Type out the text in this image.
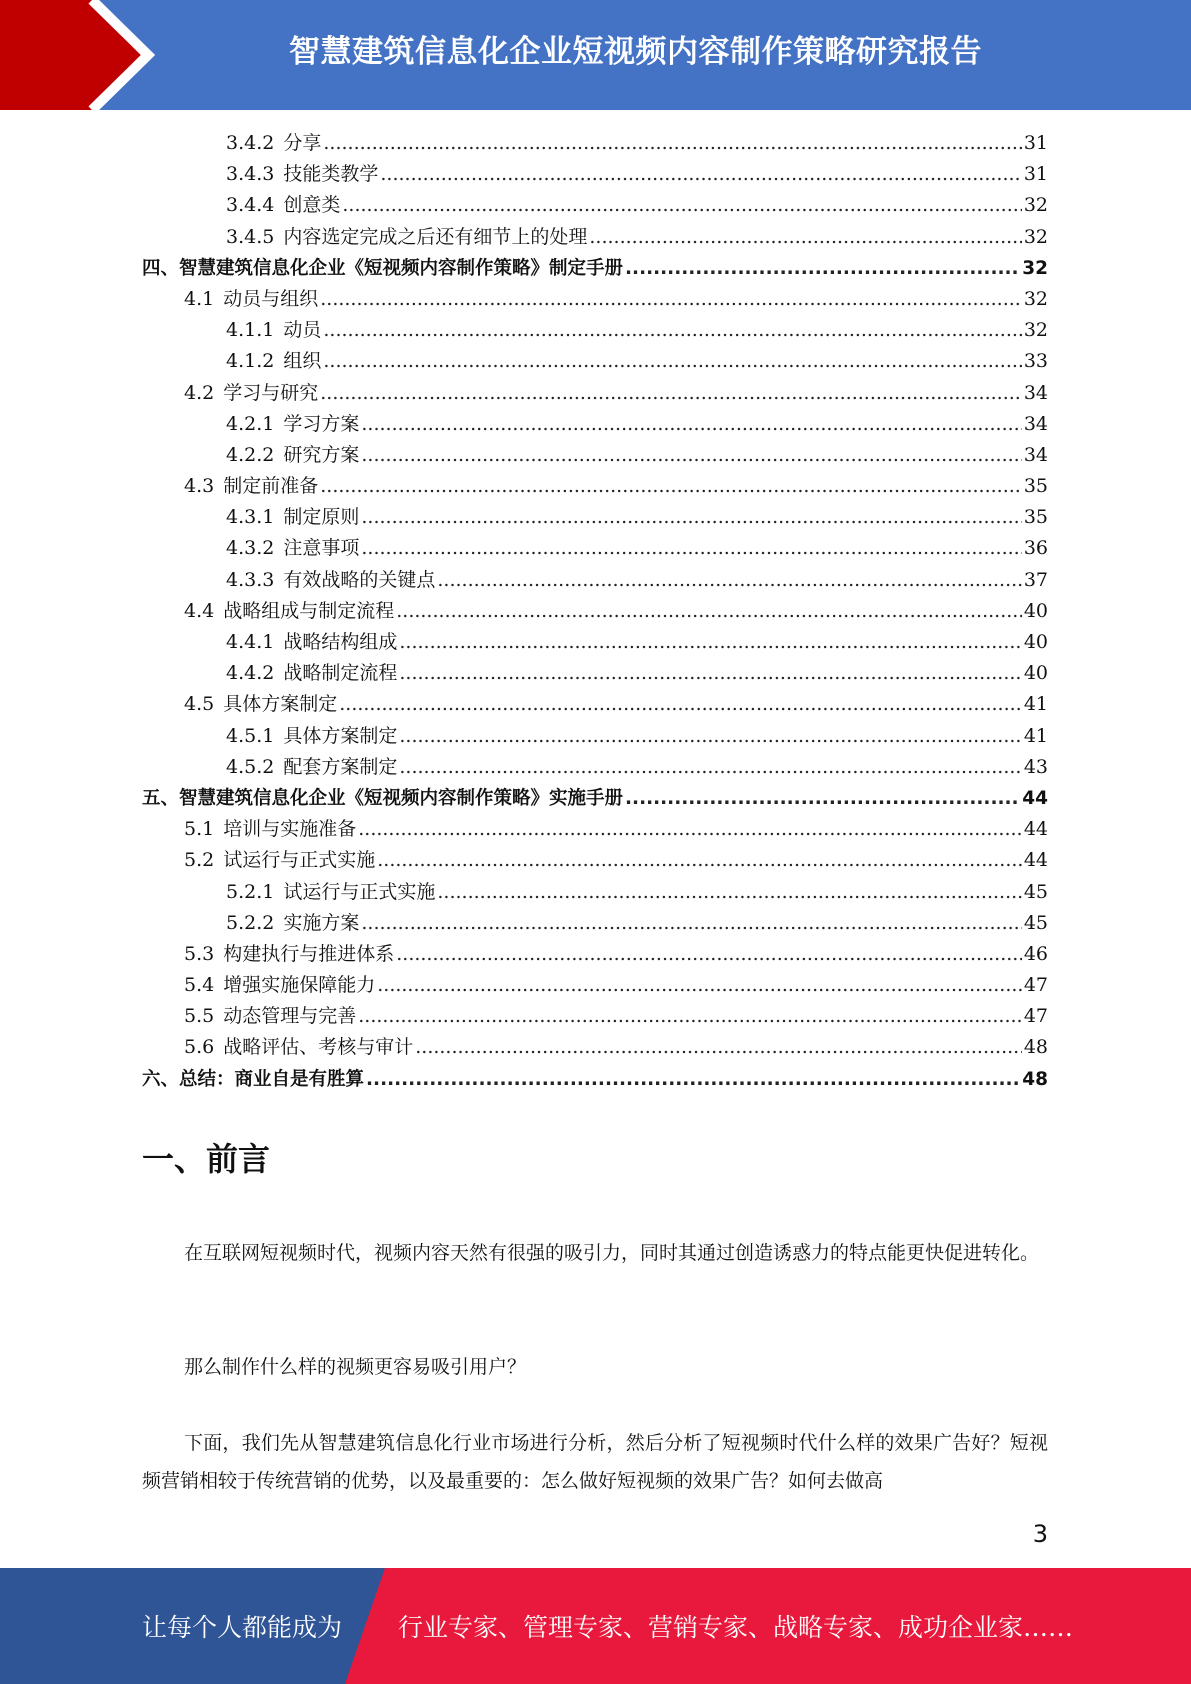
智慧建筑信息化企业短视频内容制作策略研究报告
3.4.2 分享 .....	31
3.4.3 技能类教学 .....	31
3.4.4 创意类 .....	32
3.4.5 内容选定完成之后还有细节上的处理 .....	32
四、智慧建筑信息化企业《短视频内容制作策略》制定手册 .....	32
4.1 动员与组织 .....	32
4.1.1 动员 .....	32
4.1.2 组织 .....	33
4.2 学习与研究 .....	34
4.2.1 学习方案 .....	34
4.2.2 研究方案 .....	34
4.3 制定前准备 .....	35
4.3.1 制定原则 .....	35
4.3.2 注意事项 .....	36
4.3.3 有效战略的关键点 .....	37
4.4 战略组成与制定流程 .....	40
4.4.1 战略结构组成 .....	40
4.4.2 战略制定流程 .....	40
4.5 具体方案制定 .....	41
4.5.1 具体方案制定 .....	41
4.5.2 配套方案制定 .....	43
五、智慧建筑信息化企业《短视频内容制作策略》实施手册 .....	44
5.1 培训与实施准备 .....	44
5.2 试运行与正式实施 .....	44
5.2.1 试运行与正式实施 .....	45
5.2.2 实施方案 .....	45
5.3 构建执行与推进体系 .....	46
5.4 增强实施保障能力 .....	47
5.5 动态管理与完善 .....	47
5.6 战略评估、考核与审计 .....	48
六、总结：商业自是有胜算 .....	48
一、前言
在互联网短视频时代，视频内容天然有很强的吸引力，同时其通过创造诱惑力的特点能更快促进转化。
那么制作什么样的视频更容易吸引用户？
下面，我们先从智慧建筑信息化行业市场进行分析，然后分析了短视频时代什么样的效果广告好？短视频营销相较于传统营销的优势，以及最重要的：怎么做好短视频的效果广告？如何去做高
3
让每个人都能成为 行业专家、管理专家、营销专家、战略专家、成功企业家……
